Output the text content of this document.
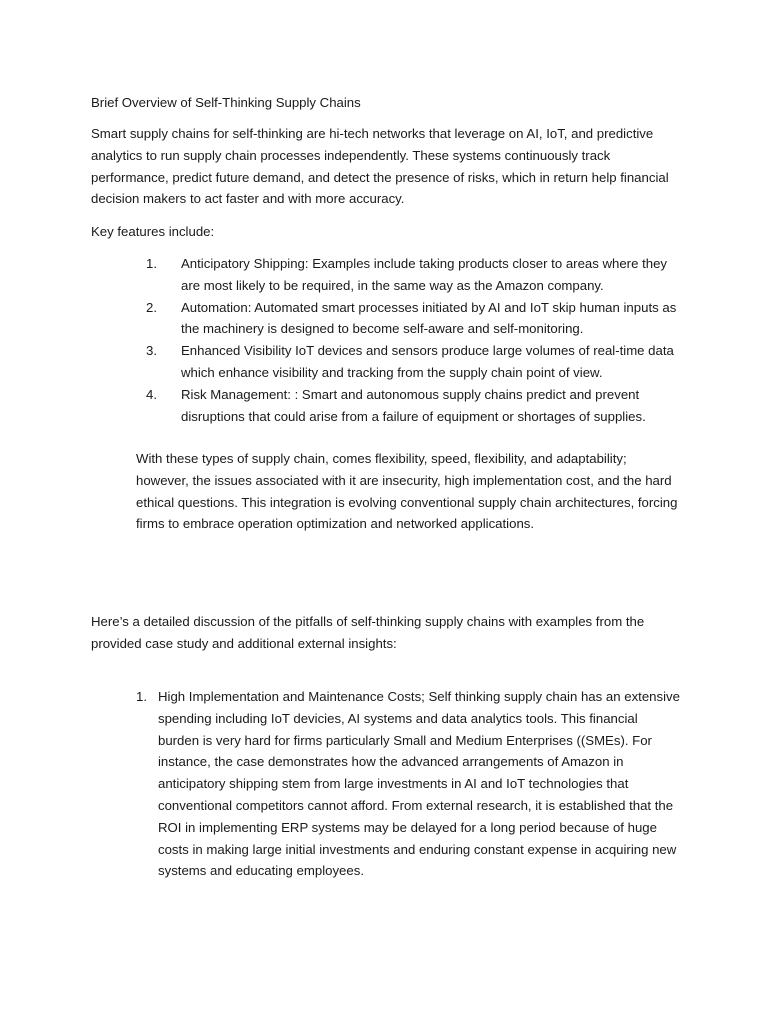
Brief Overview of Self-Thinking Supply Chains

Smart supply chains for self-thinking are hi-tech networks that leverage on AI, IoT, and predictive analytics to run supply chain processes independently. These systems continuously track performance, predict future demand, and detect the presence of risks, which in return help financial decision makers to act faster and with more accuracy.

Key features include:

1. Anticipatory Shipping: Examples include taking products closer to areas where they are most likely to be required, in the same way as the Amazon company.
2. Automation: Automated smart processes initiated by AI and IoT skip human inputs as the machinery is designed to become self-aware and self-monitoring.
3. Enhanced Visibility IoT devices and sensors produce large volumes of real-time data which enhance visibility and tracking from the supply chain point of view.
4. Risk Management: : Smart and autonomous supply chains predict and prevent disruptions that could arise from a failure of equipment or shortages of supplies.

With these types of supply chain, comes flexibility, speed, flexibility, and adaptability; however, the issues associated with it are insecurity, high implementation cost, and the hard ethical questions. This integration is evolving conventional supply chain architectures, forcing firms to embrace operation optimization and networked applications.

Here’s a detailed discussion of the pitfalls of self-thinking supply chains with examples from the provided case study and additional external insights:

1. High Implementation and Maintenance Costs; Self thinking supply chain has an extensive spending including IoT devicies, AI systems and data analytics tools. This financial burden is very hard for firms particularly Small and Medium Enterprises ((SMEs). For instance, the case demonstrates how the advanced arrangements of Amazon in anticipatory shipping stem from large investments in AI and IoT technologies that conventional competitors cannot afford. From external research, it is established that the ROI in implementing ERP systems may be delayed for a long period because of huge costs in making large initial investments and enduring constant expense in acquiring new systems and educating employees.
